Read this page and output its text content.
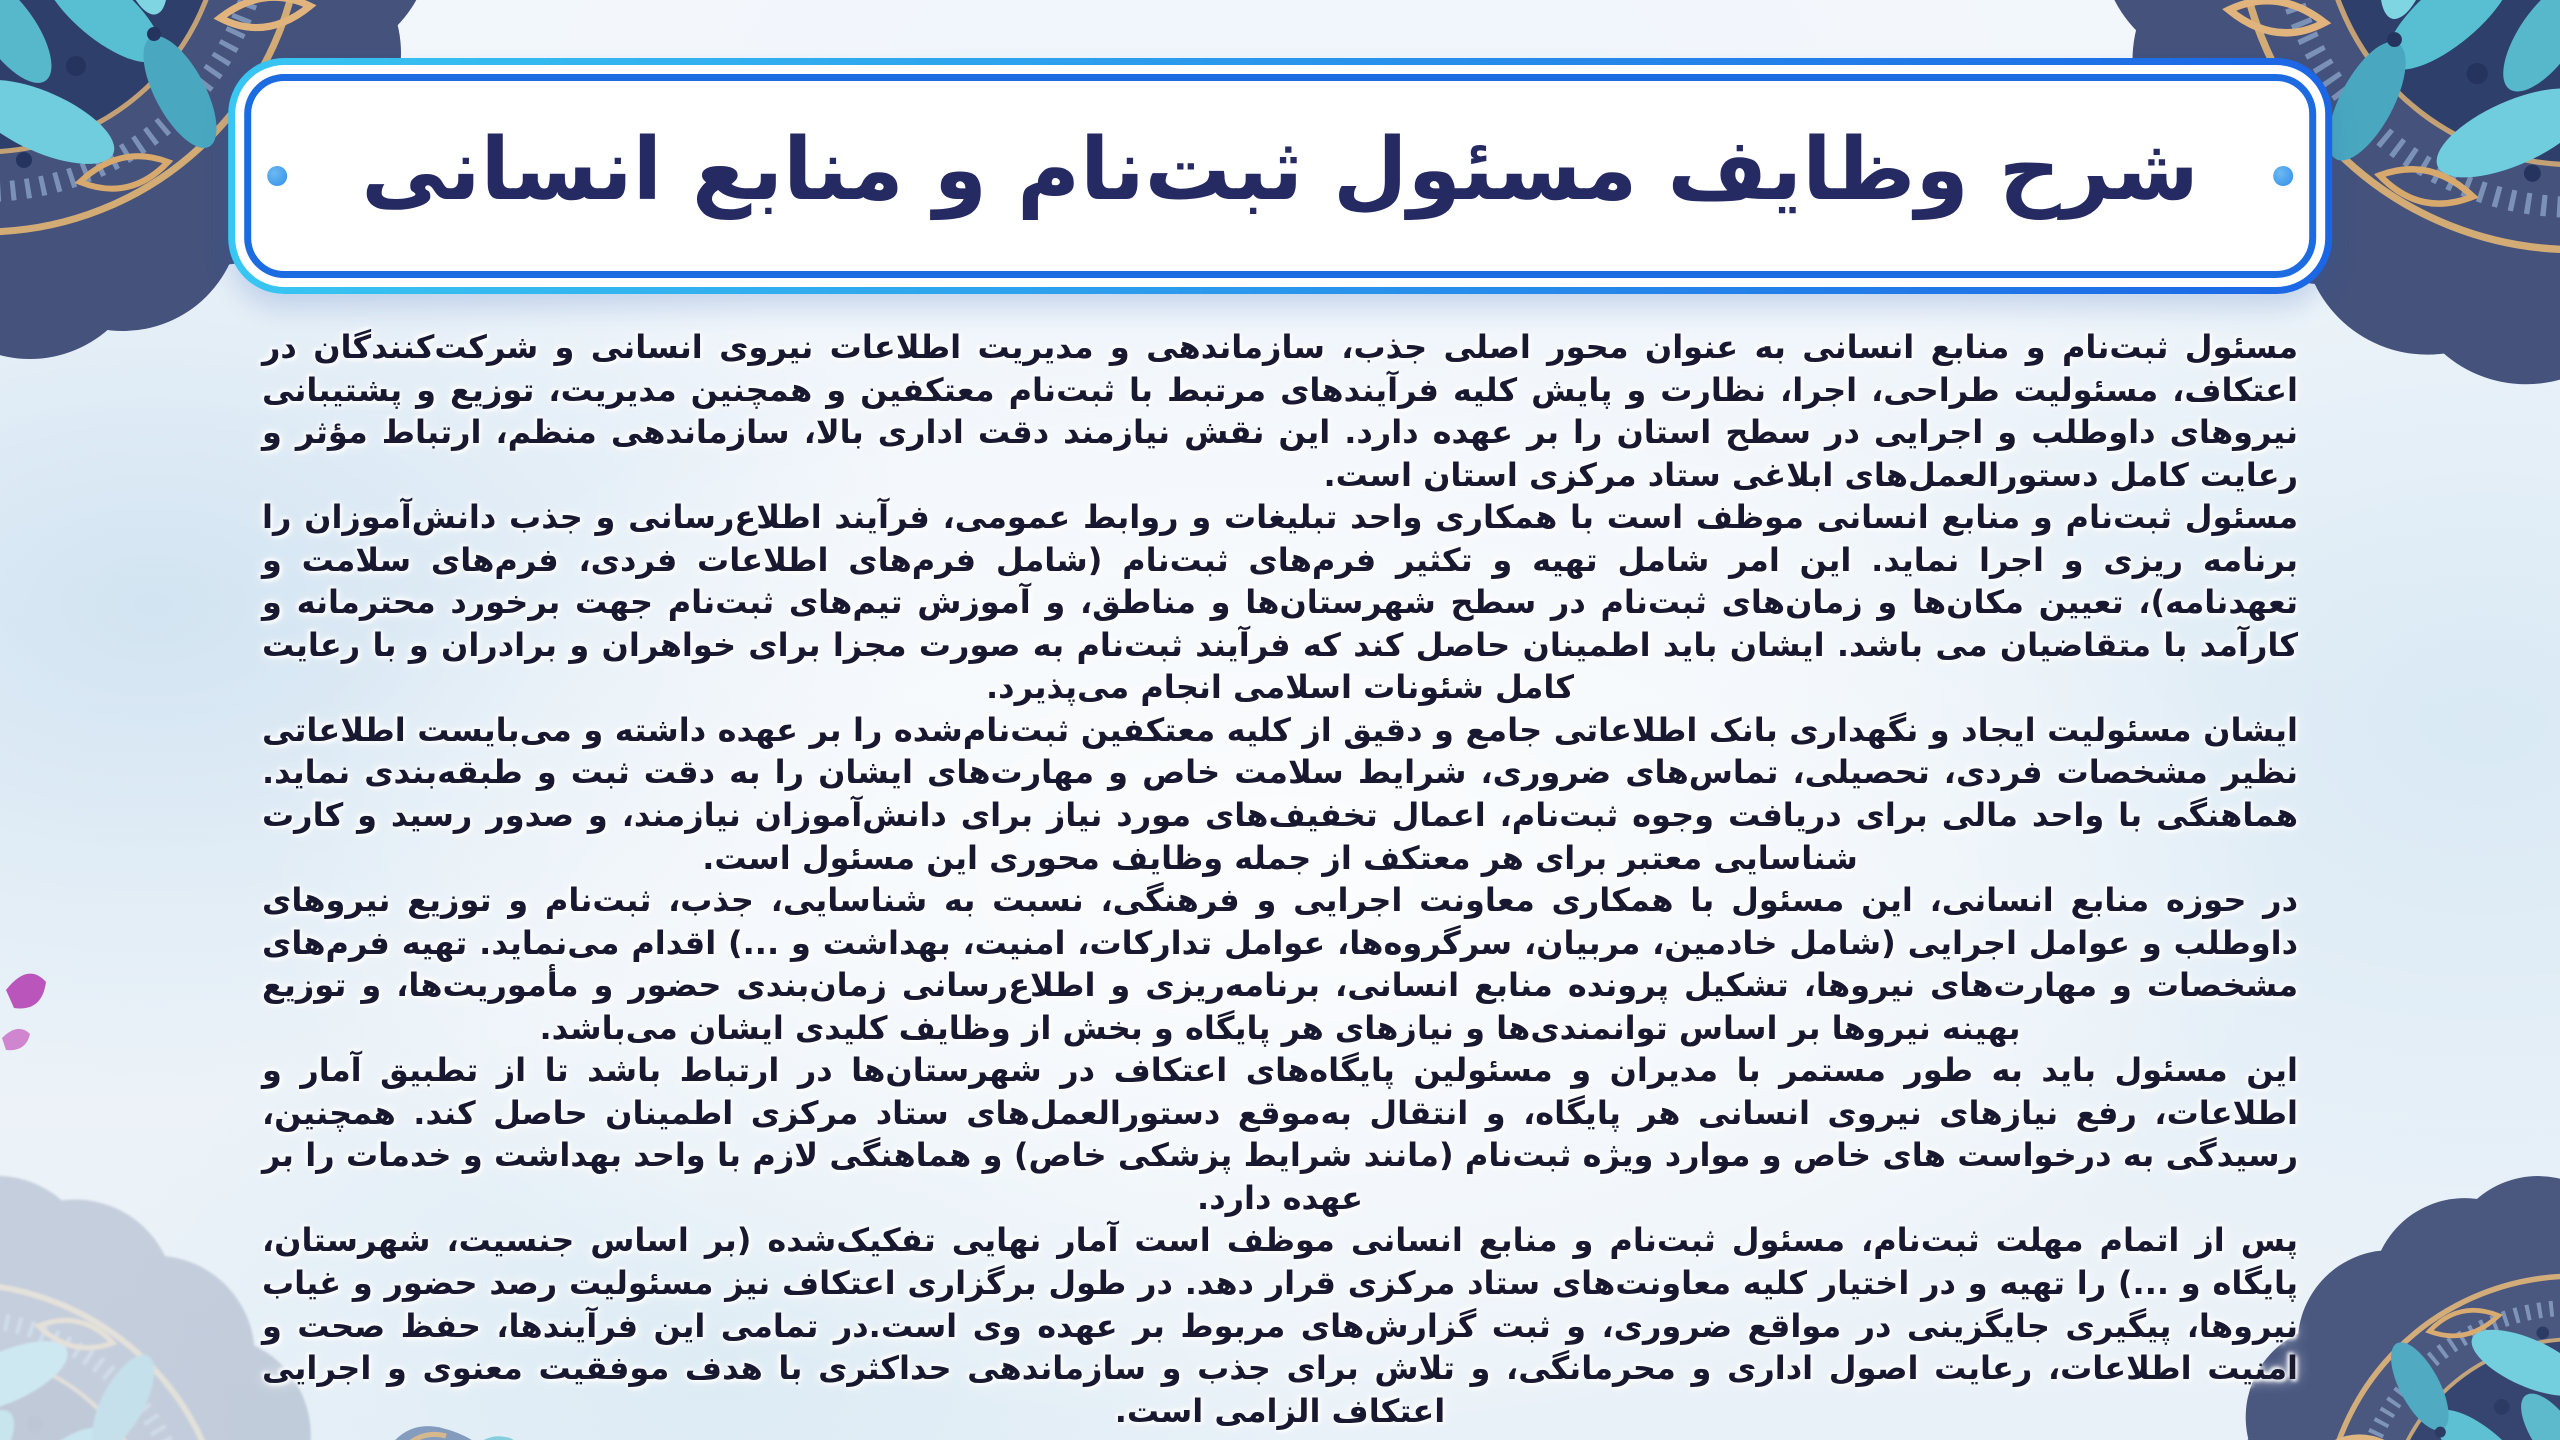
شرح وظایف مسئول ثبت‌نام و منابع انسانی

مسئول ثبت‌نام و منابع انسانی به عنوان محور اصلی جذب، سازماندهی و مدیریت اطلاعات نیروی انسانی و شرکت‌کنندگان در اعتکاف، مسئولیت طراحی، اجرا، نظارت و پایش کلیه فرآیندهای مرتبط با ثبت‌نام معتکفین و همچنین مدیریت، توزیع و پشتیبانی نیروهای داوطلب و اجرایی در سطح استان را بر عهده دارد. این نقش نیازمند دقت اداری بالا، سازماندهی منظم، ارتباط مؤثر و رعایت کامل دستورالعمل‌های ابلاغی ستاد مرکزی استان است.

مسئول ثبت‌نام و منابع انسانی موظف است با همکاری واحد تبلیغات و روابط عمومی، فرآیند اطلاع‌رسانی و جذب دانش‌آموزان را برنامه ریزی و اجرا نماید. این امر شامل تهیه و تکثیر فرم‌های ثبت‌نام (شامل فرم‌های اطلاعات فردی، فرم‌های سلامت و تعهدنامه)، تعیین مکان‌ها و زمان‌های ثبت‌نام در سطح شهرستان‌ها و مناطق، و آموزش تیم‌های ثبت‌نام جهت برخورد محترمانه و کارآمد با متقاضیان می باشد. ایشان باید اطمینان حاصل کند که فرآیند ثبت‌نام به صورت مجزا برای خواهران و برادران و با رعایت کامل شئونات اسلامی انجام می‌پذیرد.

ایشان مسئولیت ایجاد و نگهداری بانک اطلاعاتی جامع و دقیق از کلیه معتکفین ثبت‌نام‌شده را بر عهده داشته و می‌بایست اطلاعاتی نظیر مشخصات فردی، تحصیلی، تماس‌های ضروری، شرایط سلامت خاص و مهارت‌های ایشان را به دقت ثبت و طبقه‌بندی نماید. هماهنگی با واحد مالی برای دریافت وجوه ثبت‌نام، اعمال تخفیف‌های مورد نیاز برای دانش‌آموزان نیازمند، و صدور رسید و کارت شناسایی معتبر برای هر معتکف از جمله وظایف محوری این مسئول است.

در حوزه منابع انسانی، این مسئول با همکاری معاونت اجرایی و فرهنگی، نسبت به شناسایی، جذب، ثبت‌نام و توزیع نیروهای داوطلب و عوامل اجرایی (شامل خادمین، مربیان، سرگروه‌ها، عوامل تدارکات، امنیت، بهداشت و ...) اقدام می‌نماید. تهیه فرم‌های مشخصات و مهارت‌های نیروها، تشکیل پرونده منابع انسانی، برنامه‌ریزی و اطلاع‌رسانی زمان‌بندی حضور و مأموریت‌ها، و توزیع بهینه نیروها بر اساس توانمندی‌ها و نیازهای هر پایگاه و بخش از وظایف کلیدی ایشان می‌باشد.

این مسئول باید به طور مستمر با مدیران و مسئولین پایگاه‌های اعتکاف در شهرستان‌ها در ارتباط باشد تا از تطبیق آمار و اطلاعات، رفع نیازهای نیروی انسانی هر پایگاه، و انتقال به‌موقع دستورالعمل‌های ستاد مرکزی اطمینان حاصل کند. همچنین، رسیدگی به درخواست های خاص و موارد ویژه ثبت‌نام (مانند شرایط پزشکی خاص) و هماهنگی لازم با واحد بهداشت و خدمات را بر عهده دارد.

پس از اتمام مهلت ثبت‌نام، مسئول ثبت‌نام و منابع انسانی موظف است آمار نهایی تفکیک‌شده (بر اساس جنسیت، شهرستان، پایگاه و ...) را تهیه و در اختیار کلیه معاونت‌های ستاد مرکزی قرار دهد. در طول برگزاری اعتکاف نیز مسئولیت رصد حضور و غیاب نیروها، پیگیری جایگزینی در مواقع ضروری، و ثبت گزارش‌های مربوط بر عهده وی است.در تمامی این فرآیندها، حفظ صحت و امنیت اطلاعات، رعایت اصول اداری و محرمانگی، و تلاش برای جذب و سازماندهی حداکثری با هدف موفقیت معنوی و اجرایی اعتکاف الزامی است.
